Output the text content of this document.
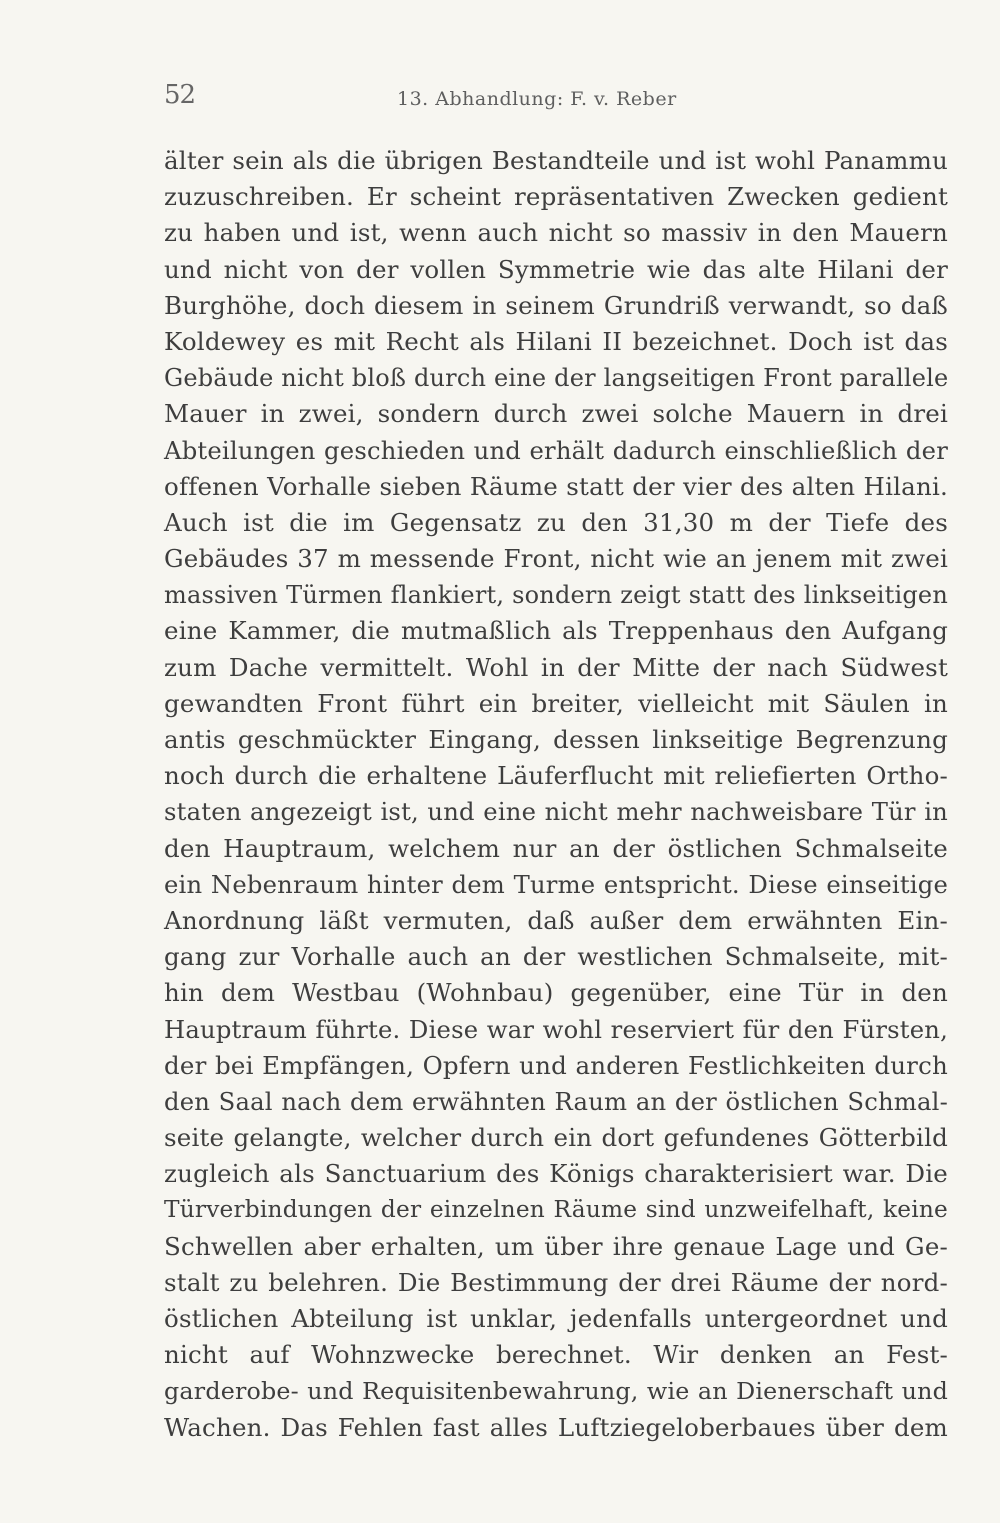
52	13. Abhandlung: F. v. Reber
älter sein als die übrigen Bestandteile und ist wohl Panammu
zuzuschreiben. Er scheint repräsentativen Zwecken gedient
zu haben und ist, wenn auch nicht so massiv in den Mauern
und nicht von der vollen Symmetrie wie das alte Hilani der
Burghöhe, doch diesem in seinem Grundriß verwandt, so daß
Koldewey es mit Recht als Hilani II bezeichnet. Doch ist das
Gebäude nicht bloß durch eine der langseitigen Front parallele
Mauer in zwei, sondern durch zwei solche Mauern in drei
Abteilungen geschieden und erhält dadurch einschließlich der
offenen Vorhalle sieben Räume statt der vier des alten Hilani.
Auch ist die im Gegensatz zu den 31,30 m der Tiefe des
Gebäudes 37 m messende Front, nicht wie an jenem mit zwei
massiven Türmen flankiert, sondern zeigt statt des linkseitigen
eine Kammer, die mutmaßlich als Treppenhaus den Aufgang
zum Dache vermittelt. Wohl in der Mitte der nach Südwest
gewandten Front führt ein breiter, vielleicht mit Säulen in
antis geschmückter Eingang, dessen linkseitige Begrenzung
noch durch die erhaltene Läuferflucht mit reliefierten Ortho-
staten angezeigt ist, und eine nicht mehr nachweisbare Tür in
den Hauptraum, welchem nur an der östlichen Schmalseite
ein Nebenraum hinter dem Turme entspricht. Diese einseitige
Anordnung läßt vermuten, daß außer dem erwähnten Ein-
gang zur Vorhalle auch an der westlichen Schmalseite, mit-
hin dem Westbau (Wohnbau) gegenüber, eine Tür in den
Hauptraum führte. Diese war wohl reserviert für den Fürsten,
der bei Empfängen, Opfern und anderen Festlichkeiten durch
den Saal nach dem erwähnten Raum an der östlichen Schmal-
seite gelangte, welcher durch ein dort gefundenes Götterbild
zugleich als Sanctuarium des Königs charakterisiert war. Die
Türverbindungen der einzelnen Räume sind unzweifelhaft, keine
Schwellen aber erhalten, um über ihre genaue Lage und Ge-
stalt zu belehren. Die Bestimmung der drei Räume der nord-
östlichen Abteilung ist unklar, jedenfalls untergeordnet und
nicht auf Wohnzwecke berechnet. Wir denken an Fest-
garderobe- und Requisitenbewahrung, wie an Dienerschaft und
Wachen. Das Fehlen fast alles Luftziegeloberbaues über dem
